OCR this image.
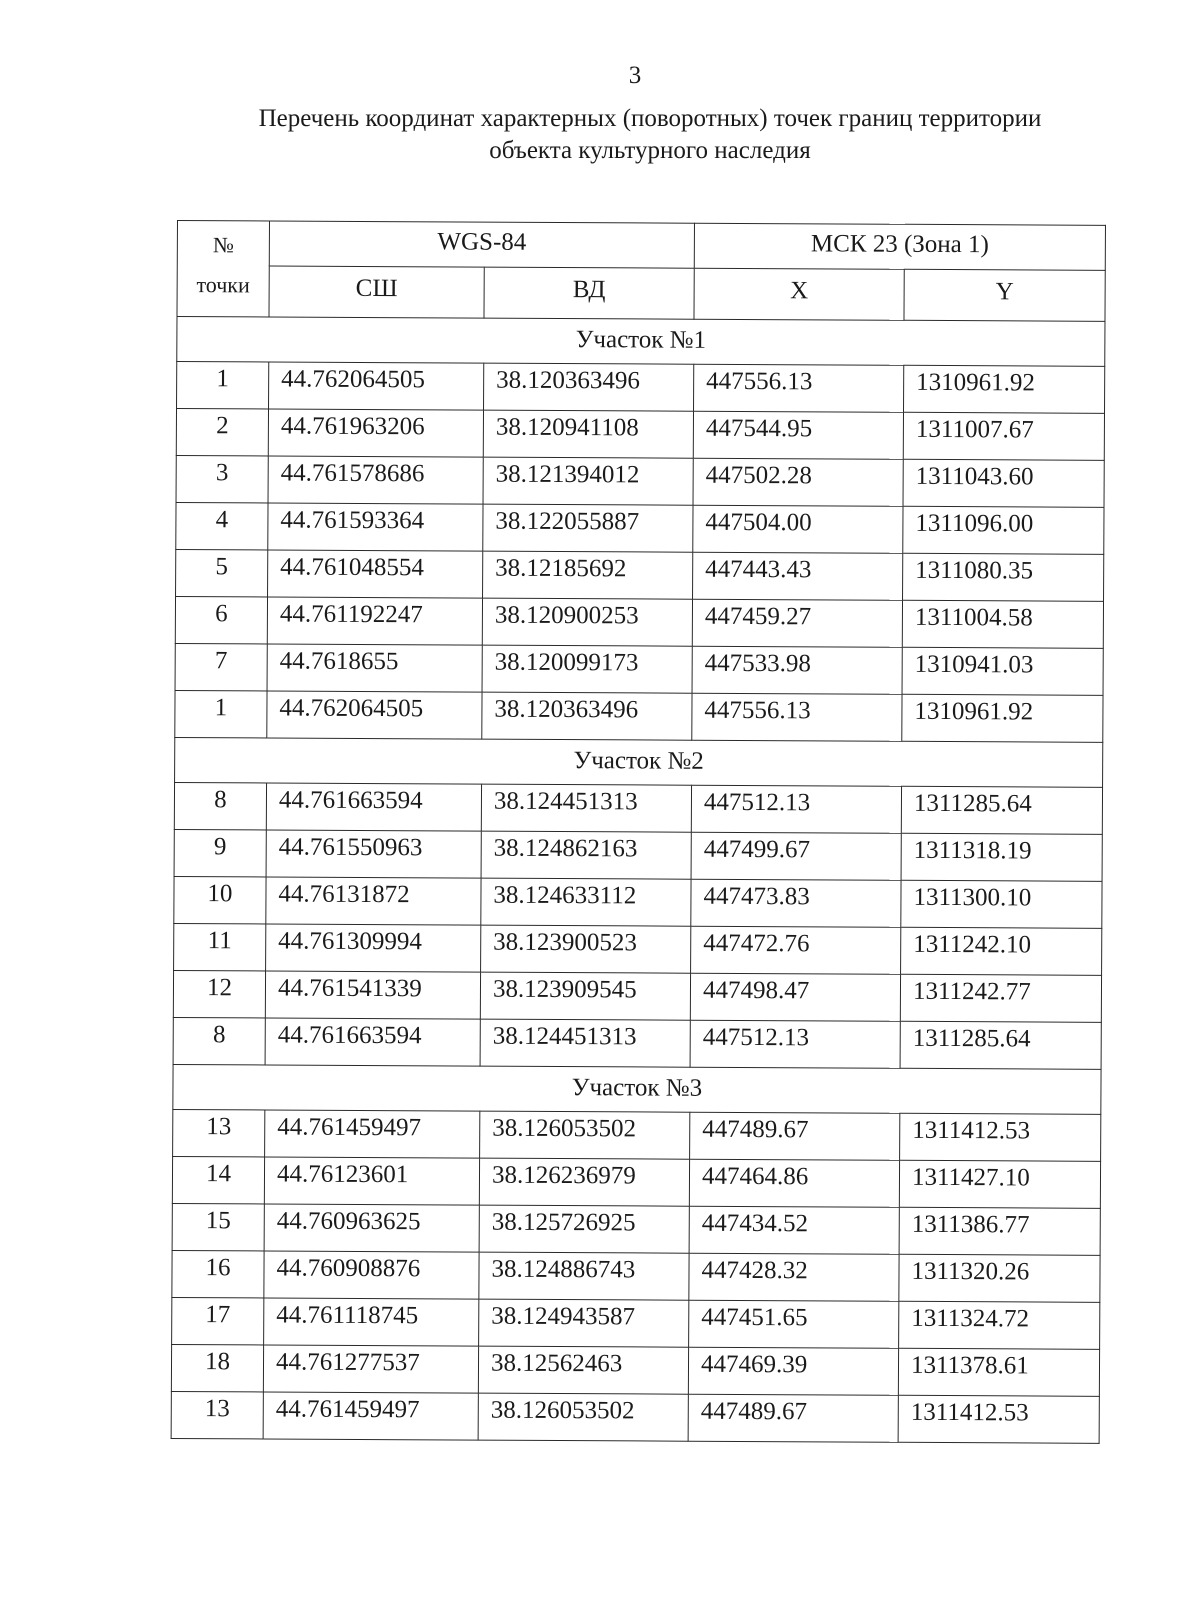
3
Перечень координат характерных (поворотных) точек границ территории
объекта культурного наследия
№
точки	WGS-84		МСК 23 (Зона 1)	
	СШ	ВД	X	Y
Участок №1				
1	44.762064505	38.120363496	447556.13	1310961.92
2	44.761963206	38.120941108	447544.95	1311007.67
3	44.761578686	38.121394012	447502.28	1311043.60
4	44.761593364	38.122055887	447504.00	1311096.00
5	44.761048554	38.12185692	447443.43	1311080.35
6	44.761192247	38.120900253	447459.27	1311004.58
7	44.7618655	38.120099173	447533.98	1310941.03
1	44.762064505	38.120363496	447556.13	1310961.92
Участок №2				
8	44.761663594	38.124451313	447512.13	1311285.64
9	44.761550963	38.124862163	447499.67	1311318.19
10	44.76131872	38.124633112	447473.83	1311300.10
11	44.761309994	38.123900523	447472.76	1311242.10
12	44.761541339	38.123909545	447498.47	1311242.77
8	44.761663594	38.124451313	447512.13	1311285.64
Участок №3				
13	44.761459497	38.126053502	447489.67	1311412.53
14	44.76123601	38.126236979	447464.86	1311427.10
15	44.760963625	38.125726925	447434.52	1311386.77
16	44.760908876	38.124886743	447428.32	1311320.26
17	44.761118745	38.124943587	447451.65	1311324.72
18	44.761277537	38.12562463	447469.39	1311378.61
13	44.761459497	38.126053502	447489.67	1311412.53
